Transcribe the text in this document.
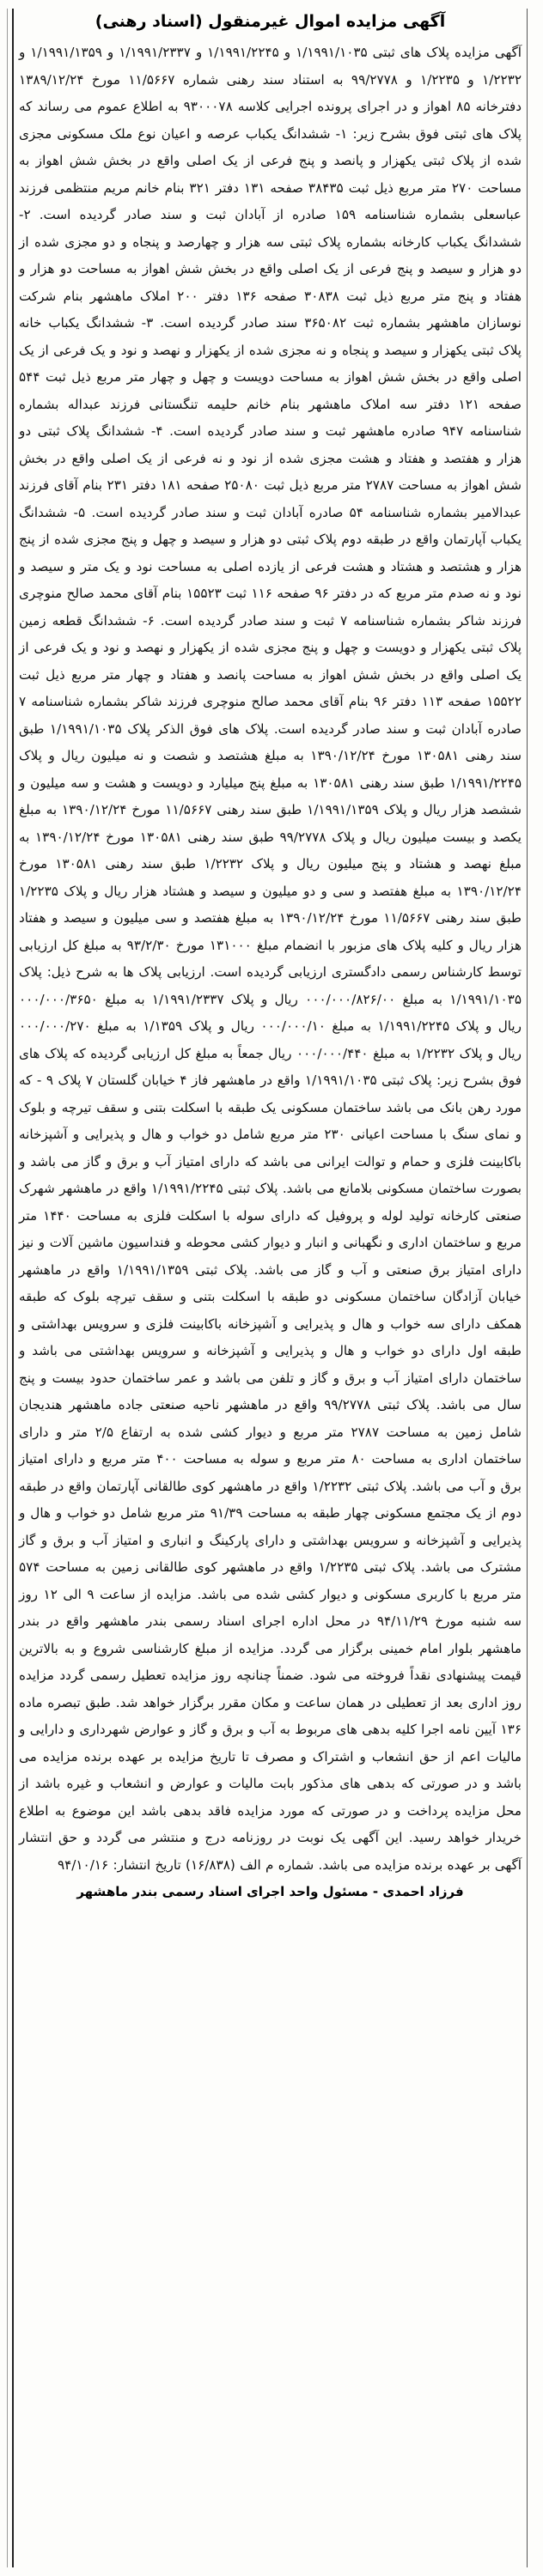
آگهی مزایده اموال غیرمنقول (اسناد رهنی)

آگهی مزایده پلاک های ثبتی ۱/۱۹۹۱/۱۰۳۵ و ۱/۱۹۹۱/۲۲۴۵ و ۱/۱۹۹۱/۲۳۳۷ و ۱/۱۹۹۱/۱۳۵۹ و ۱/۲۲۳۲ و ۱/۲۲۳۵ و ۹۹/۲۷۷۸ به استناد سند رهنی شماره ۱۱/۵۶۶۷ مورخ ۱۳۸۹/۱۲/۲۴ دفترخانه ۸۵ اهواز و در اجرای پرونده اجرایی کلاسه ۹۳۰۰۰۷۸ به اطلاع عموم می رساند که پلاک های ثبتی فوق بشرح زیر: ۱- ششدانگ یکباب عرصه و اعیان نوع ملک مسکونی مجزی شده از پلاک ثبتی یکهزار و پانصد و پنج فرعی از یک اصلی واقع در بخش شش اهواز به مساحت ۲۷۰ متر مربع ذیل ثبت ۳۸۴۳۵ صفحه ۱۳۱ دفتر ۳۲۱ بنام خانم مریم منتظمی فرزند عباسعلی بشماره شناسنامه ۱۵۹ صادره از آبادان ثبت و سند صادر گردیده است. ۲- ششدانگ یکباب کارخانه بشماره پلاک ثبتی سه هزار و چهارصد و پنجاه و دو مجزی شده از دو هزار و سیصد و پنج فرعی از یک اصلی واقع در بخش شش اهواز به مساحت دو هزار و هفتاد و پنج متر مربع ذیل ثبت ۳۰۸۳۸ صفحه ۱۳۶ دفتر ۲۰۰ املاک ماهشهر بنام شرکت نوسازان ماهشهر بشماره ثبت ۳۶۵۰۸۲ سند صادر گردیده است. ۳- ششدانگ یکباب خانه پلاک ثبتی یکهزار و سیصد و پنجاه و نه مجزی شده از یکهزار و نهصد و نود و یک فرعی از یک اصلی واقع در بخش شش اهواز به مساحت دویست و چهل و چهار متر مربع ذیل ثبت ۵۴۴ صفحه ۱۲۱ دفتر سه املاک ماهشهر بنام خانم حلیمه تنگستانی فرزند عبداله بشماره شناسنامه ۹۴۷ صادره ماهشهر ثبت و سند صادر گردیده است. ۴- ششدانگ پلاک ثبتی دو هزار و هفتصد و هفتاد و هشت مجزی شده از نود و نه فرعی از یک اصلی واقع در بخش شش اهواز به مساحت ۲۷۸۷ متر مربع ذیل ثبت ۲۵۰۸۰ صفحه ۱۸۱ دفتر ۲۳۱ بنام آقای فرزند عبدالامیر بشماره شناسنامه ۵۴ صادره آبادان ثبت و سند صادر گردیده است. ۵- ششدانگ یکباب آپارتمان واقع در طبقه دوم پلاک ثبتی دو هزار و سیصد و چهل و پنج مجزی شده از پنج هزار و هشتصد و هشتاد و هشت فرعی از یازده اصلی به مساحت نود و یک متر و سیصد و نود و نه صدم متر مربع که در دفتر ۹۶ صفحه ۱۱۶ ثبت ۱۵۵۲۳ بنام آقای محمد صالح منوچری فرزند شاکر بشماره شناسنامه ۷ ثبت و سند صادر گردیده است. ۶- ششدانگ قطعه زمین پلاک ثبتی یکهزار و دویست و چهل و پنج مجزی شده از یکهزار و نهصد و نود و یک فرعی از یک اصلی واقع در بخش شش اهواز به مساحت پانصد و هفتاد و چهار متر مربع ذیل ثبت ۱۵۵۲۲ صفحه ۱۱۳ دفتر ۹۶ بنام آقای محمد صالح منوچری فرزند شاکر بشماره شناسنامه ۷ صادره آبادان ثبت و سند صادر گردیده است. پلاک های فوق الذکر پلاک ۱/۱۹۹۱/۱۰۳۵ طبق سند رهنی ۱۳۰۵۸۱ مورخ ۱۳۹۰/۱۲/۲۴ به مبلغ هشتصد و شصت و نه میلیون ریال و پلاک ۱/۱۹۹۱/۲۲۴۵ طبق سند رهنی ۱۳۰۵۸۱ به مبلغ پنج میلیارد و دویست و هشت و سه میلیون و ششصد هزار ریال و پلاک ۱/۱۹۹۱/۱۳۵۹ طبق سند رهنی ۱۱/۵۶۶۷ مورخ ۱۳۹۰/۱۲/۲۴ به مبلغ یکصد و بیست میلیون ریال و پلاک ۹۹/۲۷۷۸ طبق سند رهنی ۱۳۰۵۸۱ مورخ ۱۳۹۰/۱۲/۲۴ به مبلغ نهصد و هشتاد و پنج میلیون ریال و پلاک ۱/۲۲۳۲ طبق سند رهنی ۱۳۰۵۸۱ مورخ ۱۳۹۰/۱۲/۲۴ به مبلغ هفتصد و سی و دو میلیون و سیصد و هشتاد هزار ریال و پلاک ۱/۲۲۳۵ طبق سند رهنی ۱۱/۵۶۶۷ مورخ ۱۳۹۰/۱۲/۲۴ به مبلغ هفتصد و سی میلیون و سیصد و هفتاد هزار ریال و کلیه پلاک های مزبور با انضمام مبلغ ۱۳۱۰۰۰ مورخ ۹۳/۲/۳۰ به مبلغ کل ارزیابی توسط کارشناس رسمی دادگستری ارزیابی گردیده است. ارزیابی پلاک ها به شرح ذیل: پلاک ۱/۱۹۹۱/۱۰۳۵ به مبلغ ۰۰۰/۰۰۰/۸۲۶/۰۰ ریال و پلاک ۱/۱۹۹۱/۲۳۳۷ به مبلغ ۰۰۰/۰۰۰/۳۶۵۰ ریال و پلاک ۱/۱۹۹۱/۲۲۴۵ به مبلغ ۰۰۰/۰۰۰/۱۰ ریال و پلاک ۱/۱۳۵۹ به مبلغ ۰۰۰/۰۰۰/۲۷۰ ریال و پلاک ۱/۲۲۳۲ به مبلغ ۰۰۰/۰۰۰/۴۴۰ ریال جمعاً به مبلغ کل ارزیابی گردیده که پلاک های فوق بشرح زیر: پلاک ثبتی ۱/۱۹۹۱/۱۰۳۵ واقع در ماهشهر فاز ۴ خیابان گلستان ۷ پلاک ۹ - که مورد رهن بانک می باشد ساختمان مسکونی یک طبقه با اسکلت بتنی و سقف تیرچه و بلوک و نمای سنگ با مساحت اعیانی ۲۳۰ متر مربع شامل دو خواب و هال و پذیرایی و آشپزخانه باکابینت فلزی و حمام و توالت ایرانی می باشد که دارای امتیاز آب و برق و گاز می باشد و بصورت ساختمان مسکونی بلامانع می باشد. پلاک ثبتی ۱/۱۹۹۱/۲۲۴۵ واقع در ماهشهر شهرک صنعتی کارخانه تولید لوله و پروفیل که دارای سوله با اسکلت فلزی به مساحت ۱۴۴۰ متر مربع و ساختمان اداری و نگهبانی و انبار و دیوار کشی محوطه و فنداسیون ماشین آلات و نیز دارای امتیاز برق صنعتی و آب و گاز می باشد. پلاک ثبتی ۱/۱۹۹۱/۱۳۵۹ واقع در ماهشهر خیابان آزادگان ساختمان مسکونی دو طبقه با اسکلت بتنی و سقف تیرچه بلوک که طبقه همکف دارای سه خواب و هال و پذیرایی و آشپزخانه باکابینت فلزی و سرویس بهداشتی و طبقه اول دارای دو خواب و هال و پذیرایی و آشپزخانه و سرویس بهداشتی می باشد و ساختمان دارای امتیاز آب و برق و گاز و تلفن می باشد و عمر ساختمان حدود بیست و پنج سال می باشد. پلاک ثبتی ۹۹/۲۷۷۸ واقع در ماهشهر ناحیه صنعتی جاده ماهشهر هندیجان شامل زمین به مساحت ۲۷۸۷ متر مربع و دیوار کشی شده به ارتفاع ۲/۵ متر و دارای ساختمان اداری به مساحت ۸۰ متر مربع و سوله به مساحت ۴۰۰ متر مربع و دارای امتیاز برق و آب می باشد. پلاک ثبتی ۱/۲۲۳۲ واقع در ماهشهر کوی طالقانی آپارتمان واقع در طبقه دوم از یک مجتمع مسکونی چهار طبقه به مساحت ۹۱/۳۹ متر مربع شامل دو خواب و هال و پذیرایی و آشپزخانه و سرویس بهداشتی و دارای پارکینگ و انباری و امتیاز آب و برق و گاز مشترک می باشد. پلاک ثبتی ۱/۲۲۳۵ واقع در ماهشهر کوی طالقانی زمین به مساحت ۵۷۴ متر مربع با کاربری مسکونی و دیوار کشی شده می باشد. مزایده از ساعت ۹ الی ۱۲ روز سه شنبه مورخ ۹۴/۱۱/۲۹ در محل اداره اجرای اسناد رسمی بندر ماهشهر واقع در بندر ماهشهر بلوار امام خمینی برگزار می گردد. مزایده از مبلغ کارشناسی شروع و به بالاترین قیمت پیشنهادی نقداً فروخته می شود. ضمناً چنانچه روز مزایده تعطیل رسمی گردد مزایده روز اداری بعد از تعطیلی در همان ساعت و مکان مقرر برگزار خواهد شد. طبق تبصره ماده ۱۳۶ آیین نامه اجرا کلیه بدهی های مربوط به آب و برق و گاز و عوارض شهرداری و دارایی و مالیات اعم از حق انشعاب و اشتراک و مصرف تا تاریخ مزایده بر عهده برنده مزایده می باشد و در صورتی که بدهی های مذکور بابت مالیات و عوارض و انشعاب و غیره باشد از محل مزایده پرداخت و در صورتی که مورد مزایده فاقد بدهی باشد این موضوع به اطلاع خریدار خواهد رسید. این آگهی یک نوبت در روزنامه درج و منتشر می گردد و حق انتشار آگهی بر عهده برنده مزایده می باشد. شماره م الف (۱۶/۸۳۸) تاریخ انتشار: ۹۴/۱۰/۱۶

فرزاد احمدی - مسئول واحد اجرای اسناد رسمی بندر ماهشهر
